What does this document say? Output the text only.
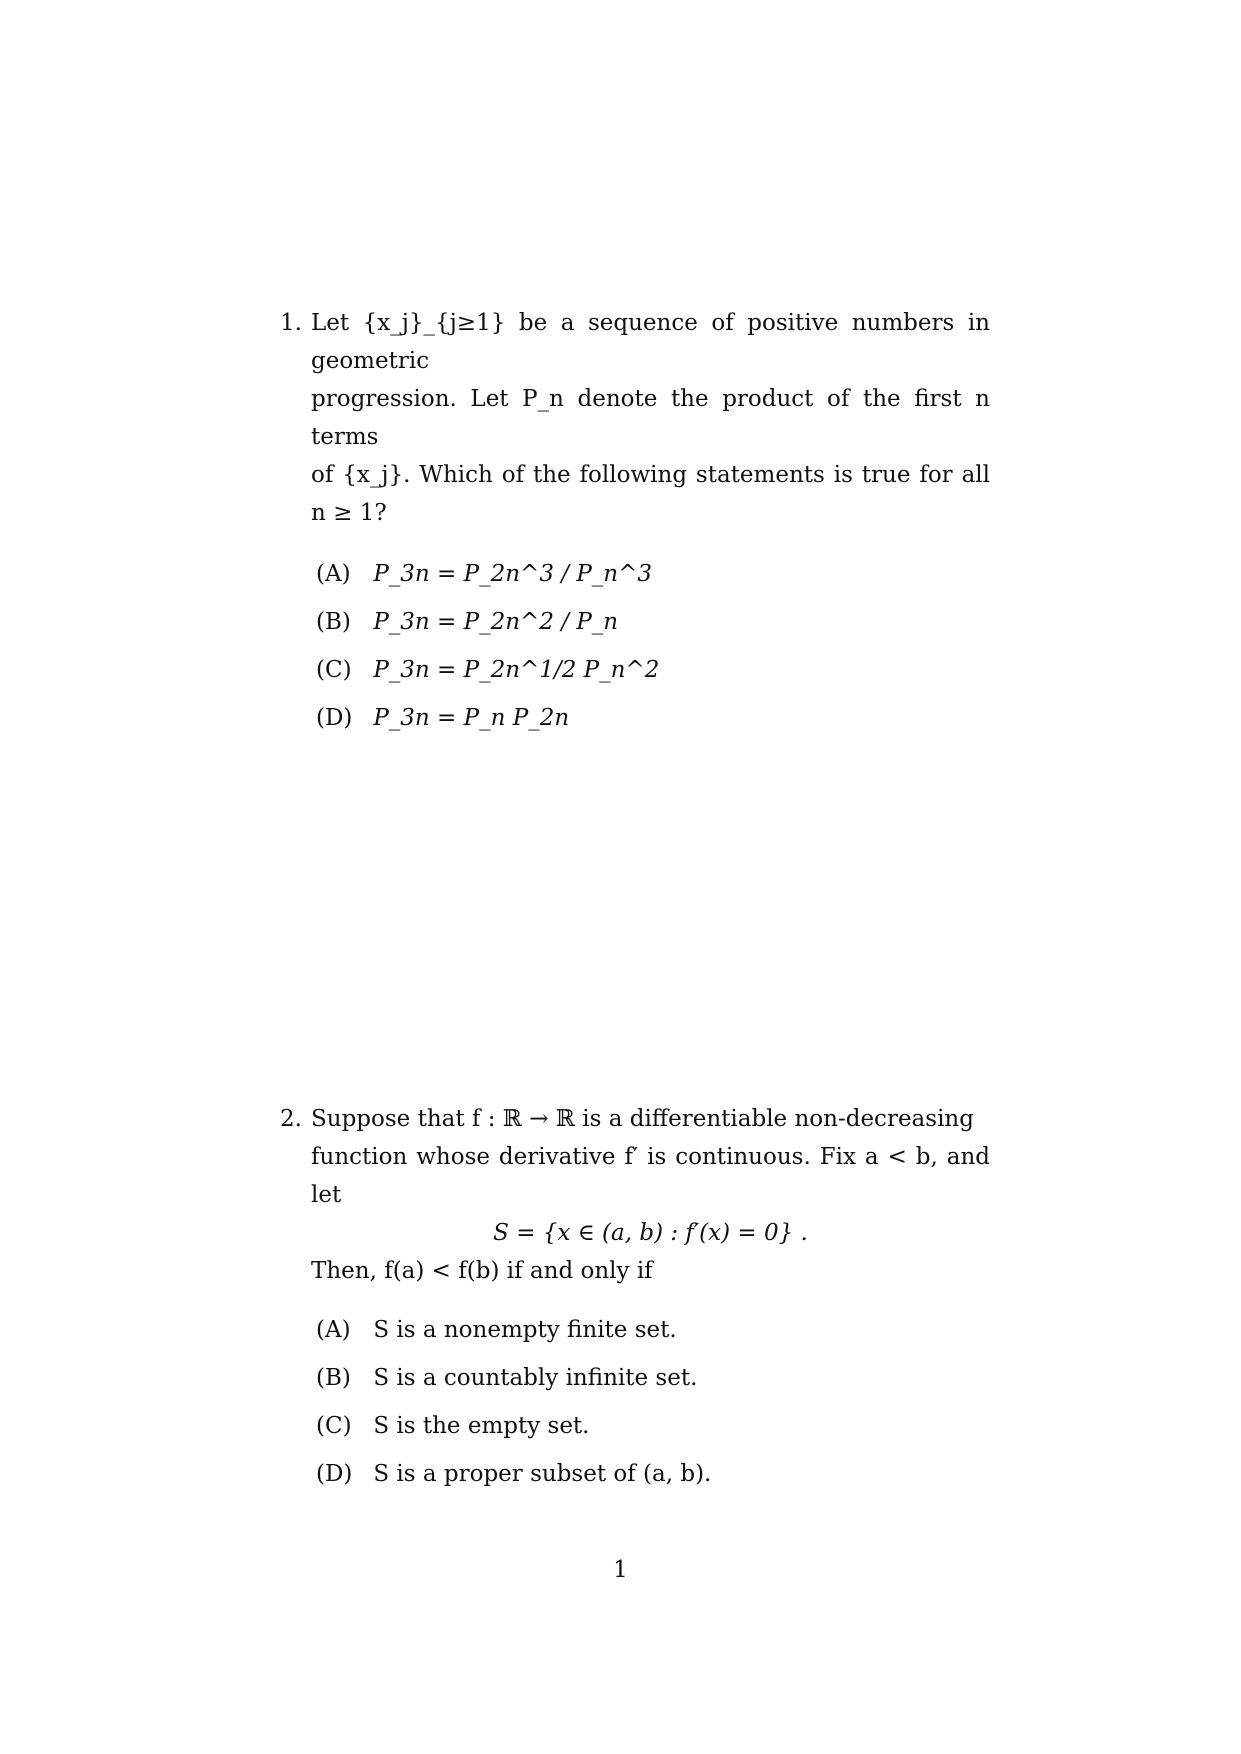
1. Let {x_j}_{j≥1} be a sequence of positive numbers in geometric

progression. Let P_n denote the product of the first n terms

of {x_j}. Which of the following statements is true for all n ≥ 1?

(A) P_3n = P_2n^3 / P_n^3
(B) P_3n = P_2n^2 / P_n
(C) P_3n = P_2n^1/2 P_n^2
(D) P_3n = P_n P_2n
2. Suppose that f : ℝ → ℝ is a differentiable non-decreasing

function whose derivative f′ is continuous. Fix a < b, and let

S = {x ∈ (a, b) : f′(x) = 0} .

Then, f(a) < f(b) if and only if

(A) S is a nonempty finite set.
(B) S is a countably infinite set.
(C) S is the empty set.
(D) S is a proper subset of (a, b).
1
